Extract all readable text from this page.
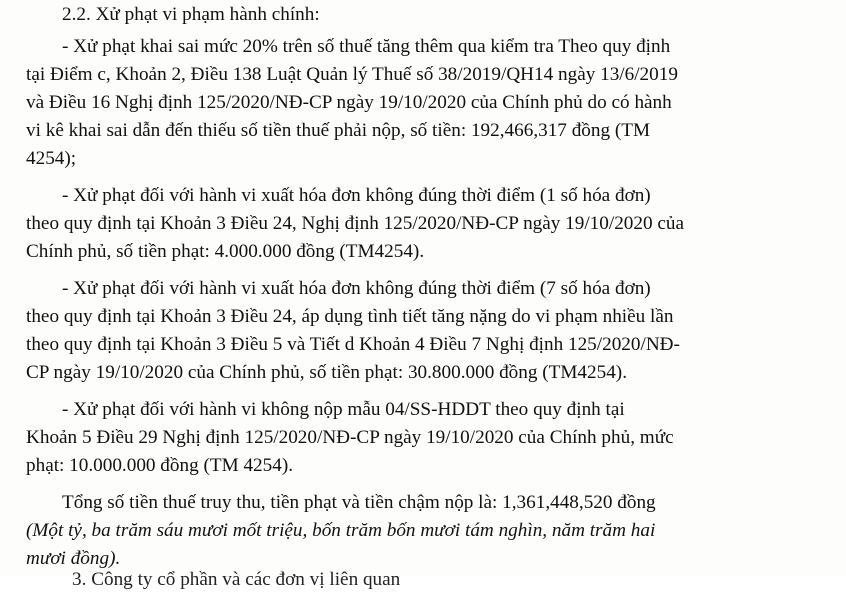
2.2. Xử phạt vi phạm hành chính:
- Xử phạt khai sai mức 20% trên số thuế tăng thêm qua kiểm tra Theo quy định
tại Điểm c, Khoản 2, Điều 138 Luật Quản lý Thuế số 38/2019/QH14 ngày 13/6/2019
và Điều 16 Nghị định 125/2020/NĐ-CP ngày 19/10/2020 của Chính phủ do có hành
vi kê khai sai dẫn đến thiếu số tiền thuế phải nộp, số tiền: 192,466,317 đồng (TM
4254);
- Xử phạt đối với hành vi xuất hóa đơn không đúng thời điểm (1 số hóa đơn)
theo quy định tại Khoản 3 Điều 24, Nghị định 125/2020/NĐ-CP ngày 19/10/2020 của
Chính phủ, số tiền phạt: 4.000.000 đồng (TM4254).
- Xử phạt đối với hành vi xuất hóa đơn không đúng thời điểm (7 số hóa đơn)
theo quy định tại Khoản 3 Điều 24, áp dụng tình tiết tăng nặng do vi phạm nhiều lần
theo quy định tại Khoản 3 Điều 5 và Tiết d Khoản 4 Điều 7 Nghị định 125/2020/NĐ-
CP ngày 19/10/2020 của Chính phủ, số tiền phạt: 30.800.000 đồng (TM4254).
- Xử phạt đối với hành vi không nộp mẫu 04/SS-HDDT theo quy định tại
Khoản 5 Điều 29 Nghị định 125/2020/NĐ-CP ngày 19/10/2020 của Chính phủ, mức
phạt: 10.000.000 đồng (TM 4254).
Tổng số tiền thuế truy thu, tiền phạt và tiền chậm nộp là: 1,361,448,520 đồng
(Một tỷ, ba trăm sáu mươi mốt triệu, bốn trăm bốn mươi tám nghìn, năm trăm hai
mươi đồng).
3. Công ty cổ phần và các đơn vị liên quan
